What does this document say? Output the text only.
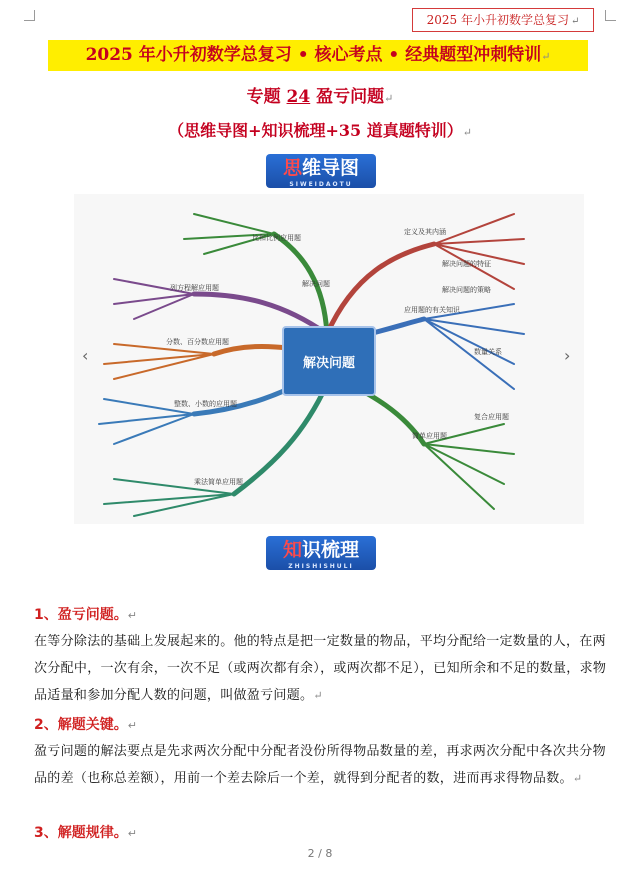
2025 年小升初数学总复习 ↵
2025 年小升初数学总复习 • 核心考点 • 经典题型冲刺特训↵
专题 24 盈亏问题↵
（思维导图+知识梳理+35 道真题特训）↵
思维导图
SIWEIDAOTU
比和比例应用题
解决问题
定义及其内涵
解决问题的特征
解决问题的策略
列方程解应用题
分数、百分数应用题
整数、小数的应用题
应用题的有关知识
简单应用题
乘法简单应用题
复合应用题
数量关系
解决问题
‹	›
知识梳理
ZHISHISHULI
1、盈亏问题。↵
在等分除法的基础上发展起来的。他的特点是把一定数量的物品，平均分配给一定数量的人，在两次分配中，一次有余，一次不足（或两次都有余），或两次都不足），已知所余和不足的数量，求物品适量和参加分配人数的问题，叫做盈亏问题。↵
2、解题关键。↵
盈亏问题的解法要点是先求两次分配中分配者没份所得物品数量的差，再求两次分配中各次共分物品的差（也称总差额），用前一个差去除后一个差，就得到分配者的数，进而再求得物品数。↵
3、解题规律。↵
2 / 8
